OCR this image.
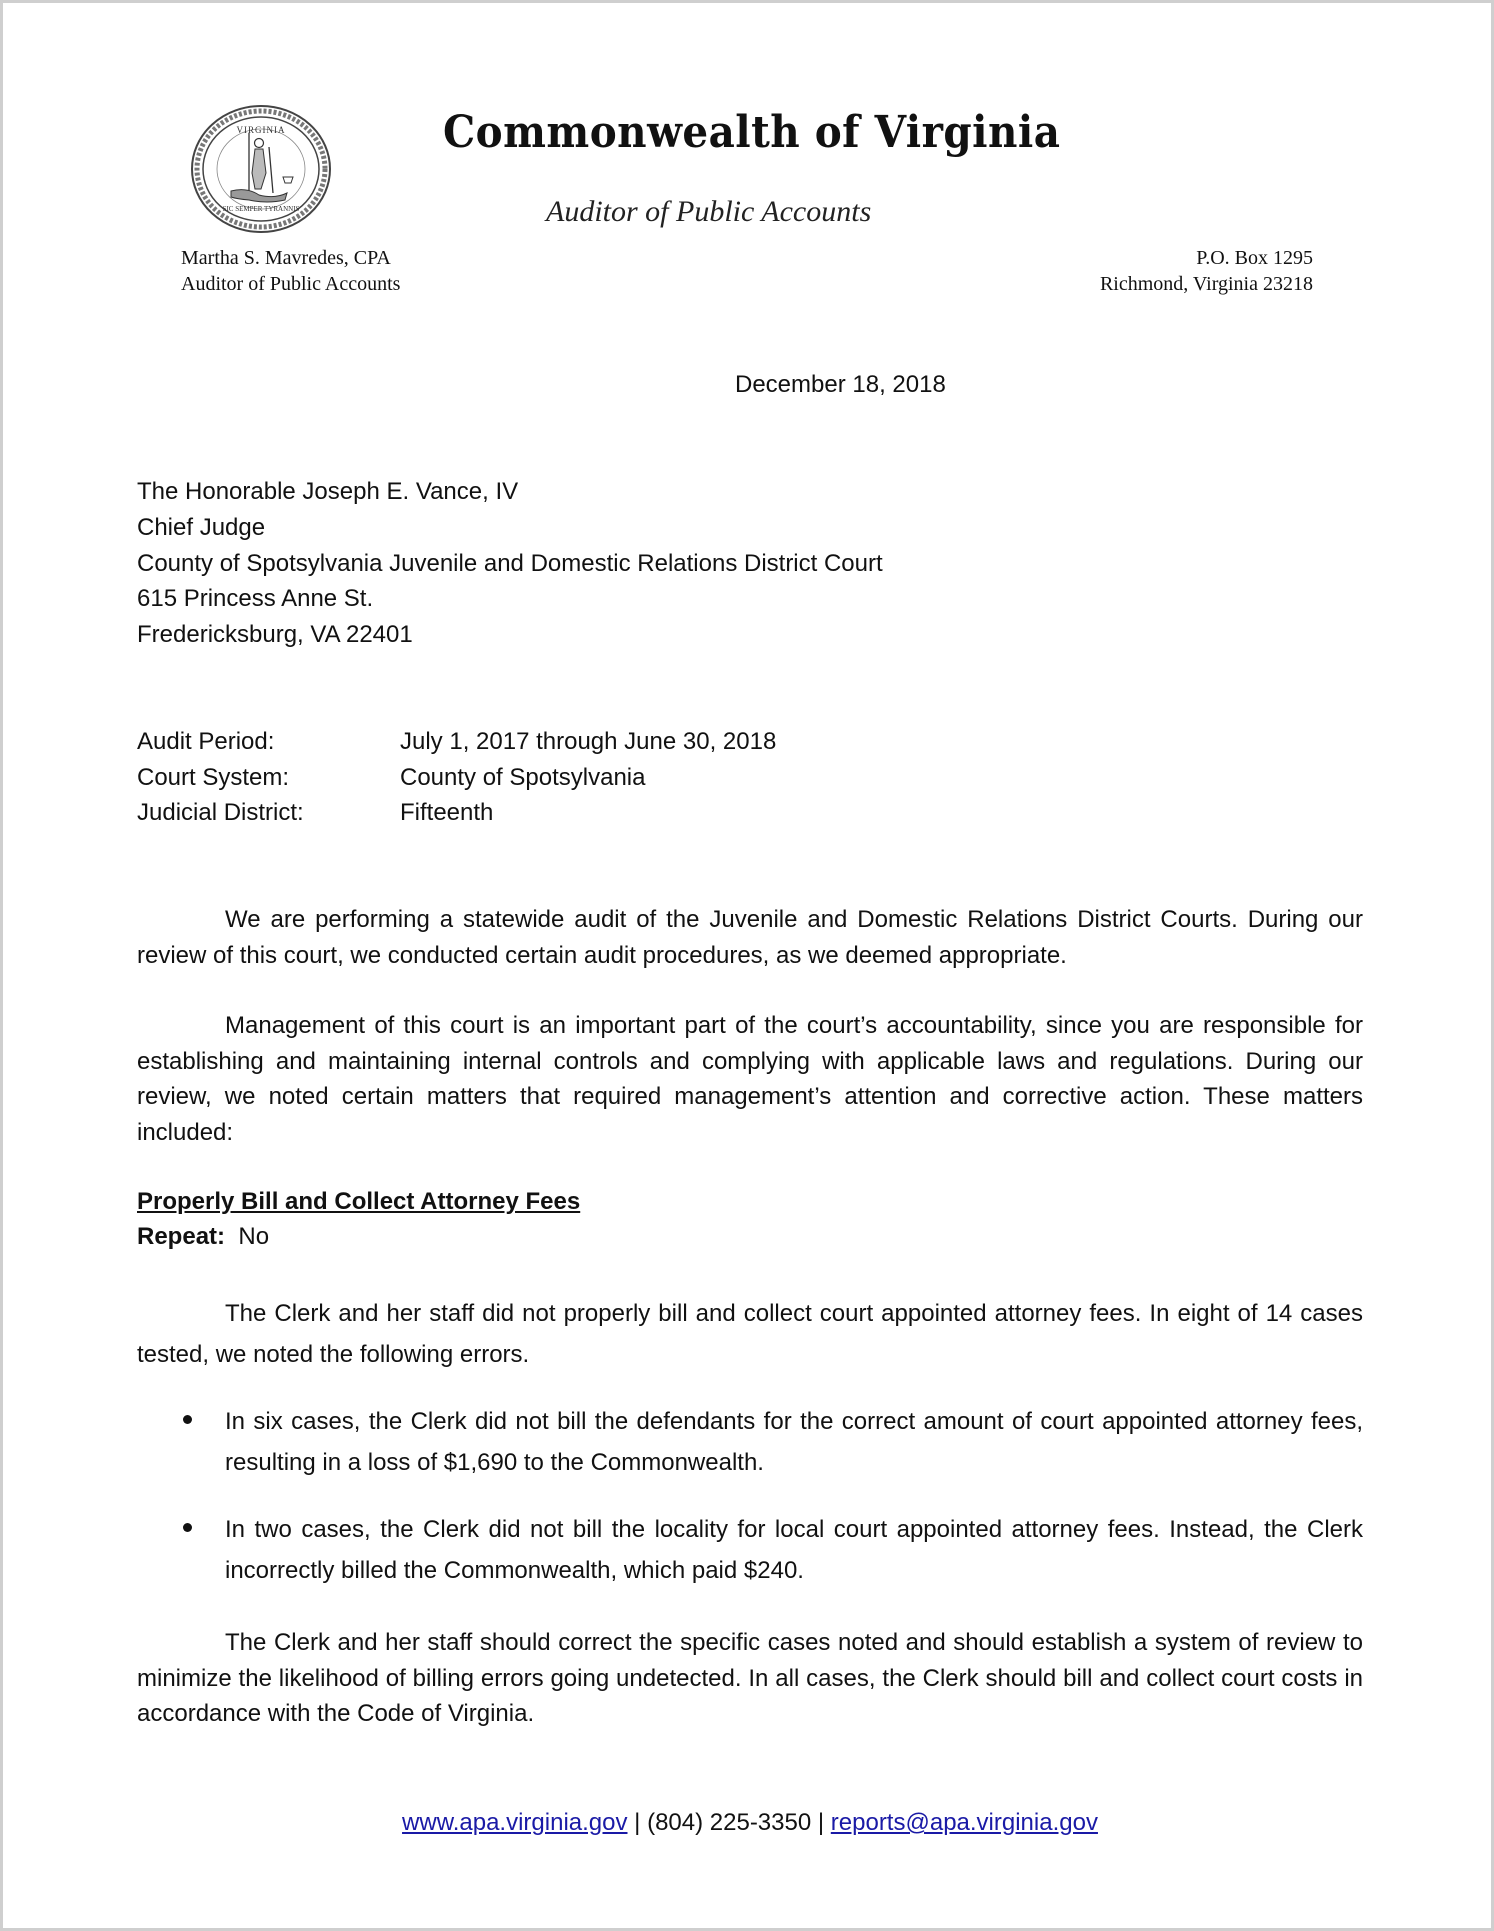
VIRGINIA
SIC SEMPER TYRANNIS
Commonwealth of Virginia
Auditor of Public Accounts
Martha S. Mavredes, CPA
Auditor of Public Accounts
P.O. Box 1295
Richmond, Virginia 23218
December 18, 2018
The Honorable Joseph E. Vance, IV
Chief Judge
County of Spotsylvania Juvenile and Domestic Relations District Court
615 Princess Anne St.
Fredericksburg, VA 22401
Audit Period:	July 1, 2017 through June 30, 2018
Court System:	County of Spotsylvania
Judicial District:	Fifteenth
We are performing a statewide audit of the Juvenile and Domestic Relations District Courts. During our review of this court, we conducted certain audit procedures, as we deemed appropriate.
Management of this court is an important part of the court’s accountability, since you are responsible for establishing and maintaining internal controls and complying with applicable laws and regulations. During our review, we noted certain matters that required management’s attention and corrective action. These matters included:
Properly Bill and Collect Attorney Fees
Repeat: No
The Clerk and her staff did not properly bill and collect court appointed attorney fees. In eight of 14 cases tested, we noted the following errors.
In six cases, the Clerk did not bill the defendants for the correct amount of court appointed attorney fees, resulting in a loss of $1,690 to the Commonwealth.
In two cases, the Clerk did not bill the locality for local court appointed attorney fees. Instead, the Clerk incorrectly billed the Commonwealth, which paid $240.
The Clerk and her staff should correct the specific cases noted and should establish a system of review to minimize the likelihood of billing errors going undetected. In all cases, the Clerk should bill and collect court costs in accordance with the Code of Virginia.
www.apa.virginia.gov | (804) 225-3350 | reports@apa.virginia.gov
